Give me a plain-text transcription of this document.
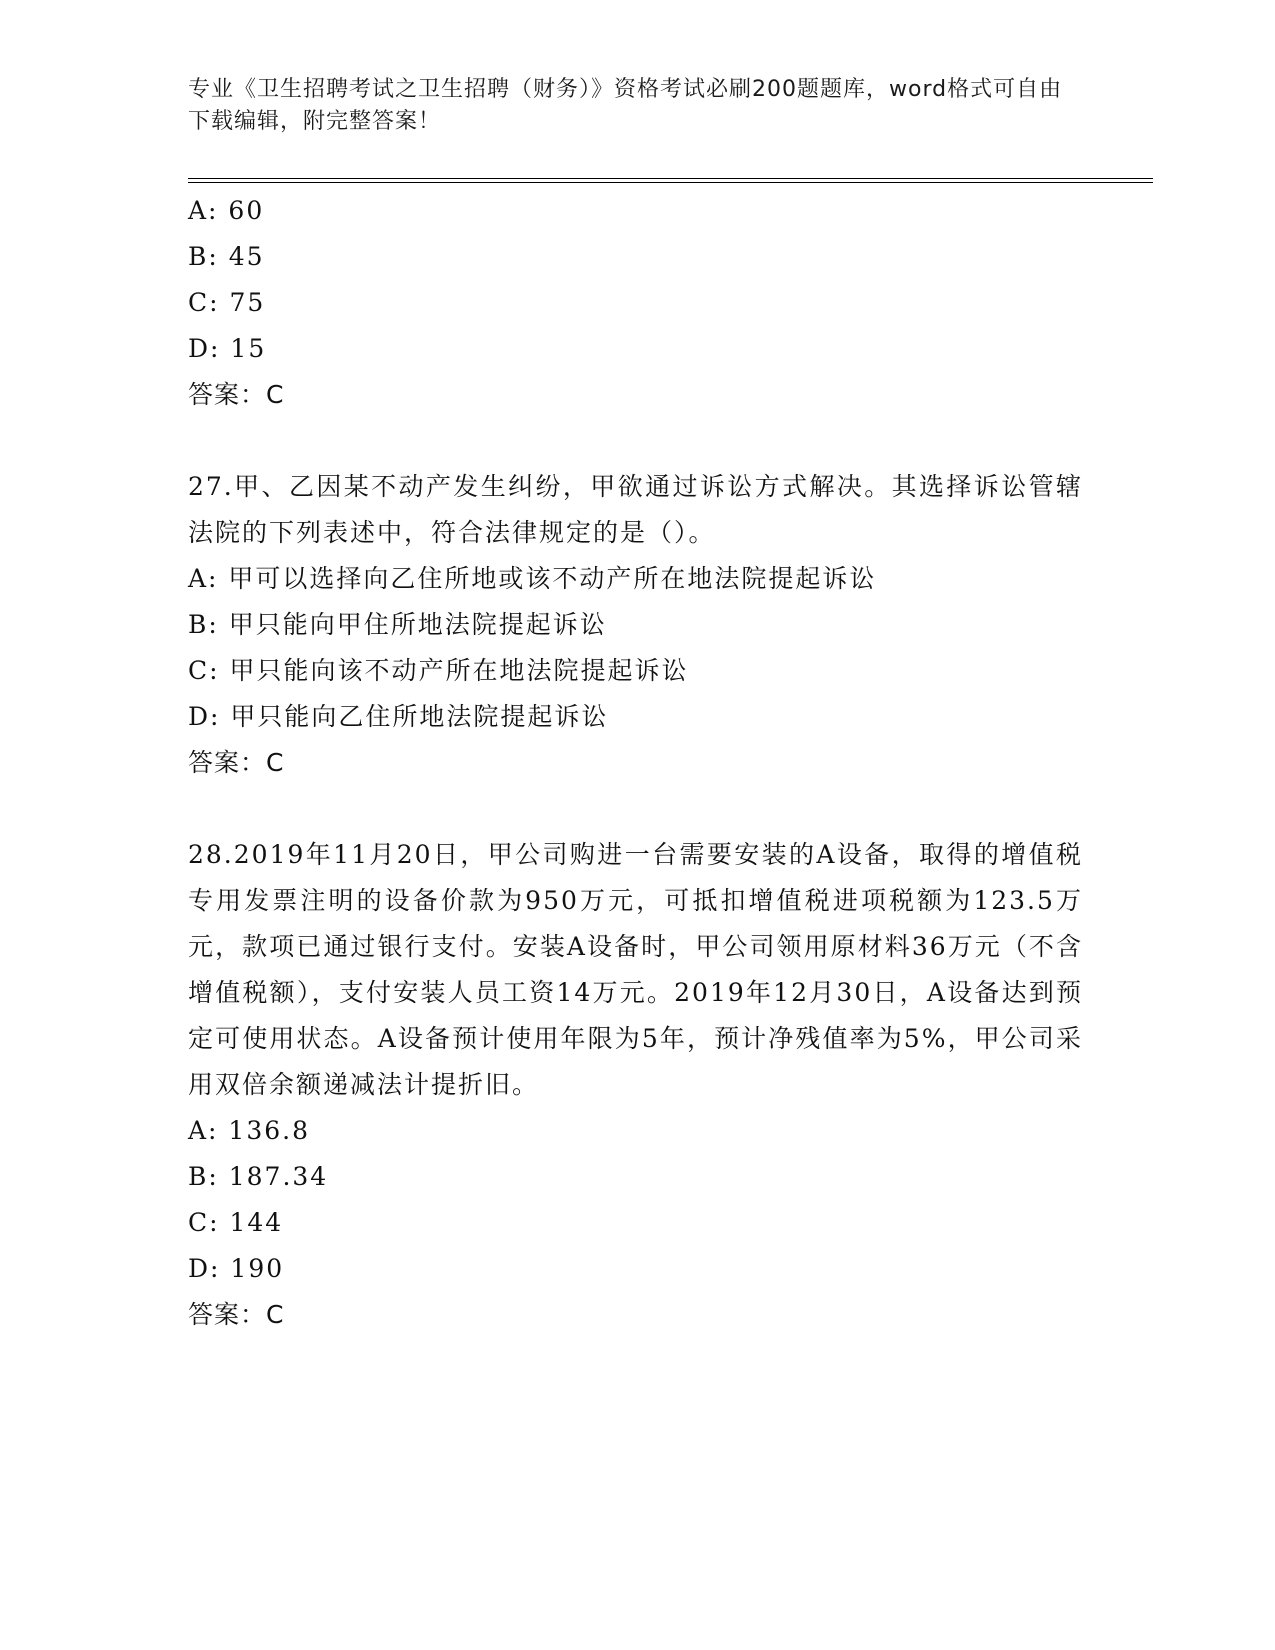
专业《卫生招聘考试之卫生招聘（财务）》资格考试必刷200题题库，word格式可自由下载编辑，附完整答案！
A: 60
B: 45
C: 75
D: 15
答案：C
27.甲、乙因某不动产发生纠纷，甲欲通过诉讼方式解决。其选择诉讼管辖法院的下列表述中，符合法律规定的是（）。
A: 甲可以选择向乙住所地或该不动产所在地法院提起诉讼
B: 甲只能向甲住所地法院提起诉讼
C: 甲只能向该不动产所在地法院提起诉讼
D: 甲只能向乙住所地法院提起诉讼
答案：C
28.2019年11月20日，甲公司购进一台需要安装的A设备，取得的增值税专用发票注明的设备价款为950万元，可抵扣增值税进项税额为123.5万元，款项已通过银行支付。安装A设备时，甲公司领用原材料36万元（不含增值税额），支付安装人员工资14万元。2019年12月30日，A设备达到预定可使用状态。A设备预计使用年限为5年，预计净残值率为5%，甲公司采用双倍余额递减法计提折旧。
A: 136.8
B: 187.34
C: 144
D: 190
答案：C
